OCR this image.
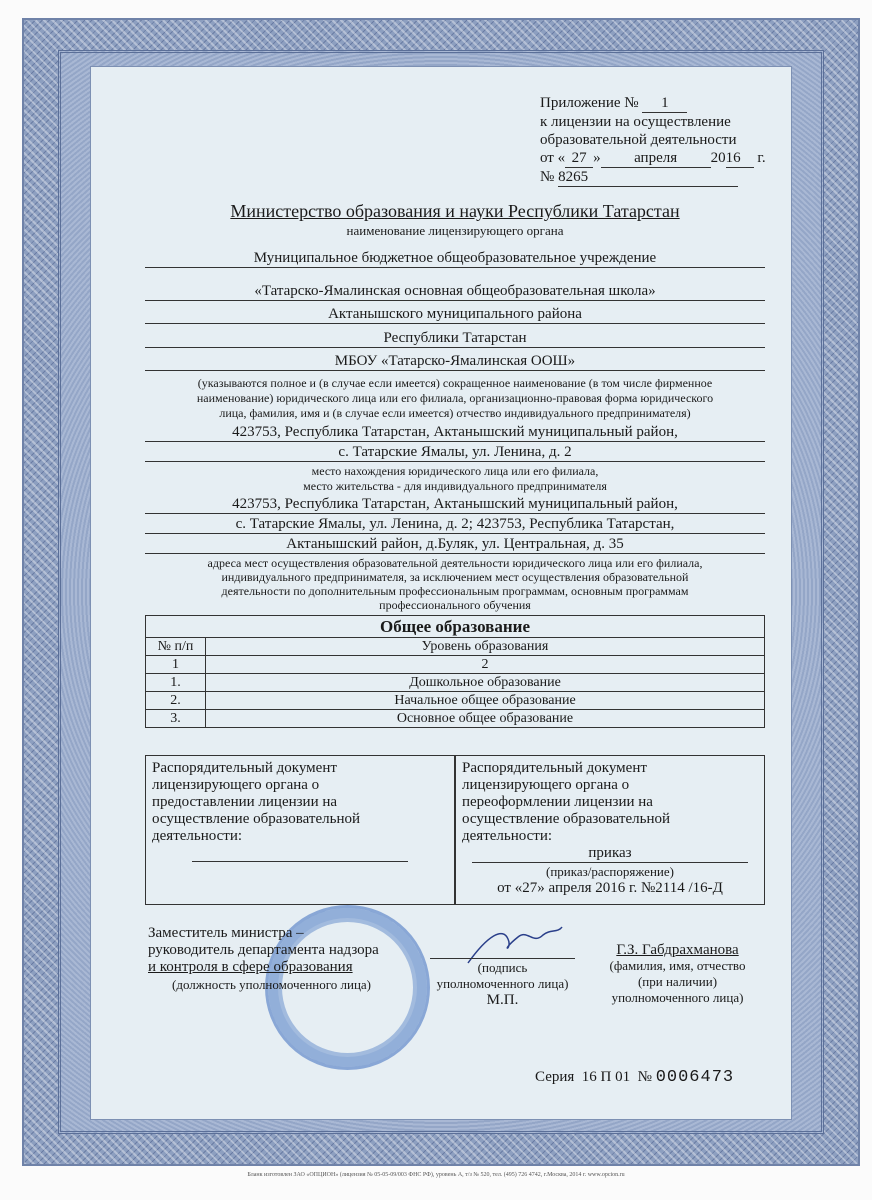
Приложение № 1
к лицензии на осуществление
образовательной деятельности
от « 27 » апреля 2016 г.
№ 8265
Министерство образования и науки Республики Татарстан
наименование лицензирующего органа
Муниципальное бюджетное общеобразовательное учреждение
«Татарско-Ямалинская основная общеобразовательная школа»
Актанышского муниципального района
Республики Татарстан
МБОУ «Татарско-Ямалинская ООШ»
(указываются полное и (в случае если имеется) сокращенное наименование (в том числе фирменное
наименование) юридического лица или его филиала, организационно-правовая форма юридического
лица, фамилия, имя и (в случае если имеется) отчество индивидуального предпринимателя)
423753, Республика Татарстан, Актанышский муниципальный район,
с. Татарские Ямалы, ул. Ленина, д. 2
место нахождения юридического лица или его филиала,
место жительства - для индивидуального предпринимателя
423753, Республика Татарстан, Актанышский муниципальный район,
с. Татарские Ямалы, ул. Ленина, д. 2; 423753, Республика Татарстан,
Актанышский район, д.Буляк, ул. Центральная, д. 35
адреса мест осуществления образовательной деятельности юридического лица или его филиала,
индивидуального предпринимателя, за исключением мест осуществления образовательной
деятельности по дополнительным профессиональным программам, основным программам
профессионального обучения
Общее образование	
№ п/п	Уровень образования
1	2
1.	Дошкольное образование
2.	Начальное общее образование
3.	Основное общее образование
Распорядительный документ
лицензирующего органа о
предоставлении лицензии на
осуществление образовательной
деятельности:
Распорядительный документ
лицензирующего органа о
переоформлении лицензии на
осуществление образовательной
деятельности:
приказ
(приказ/распоряжение)
от «27» апреля 2016 г. №2114 /16-Д
Заместитель министра –
руководитель департамента надзора
и контроля в сфере образования
(должность уполномоченного лица)
(подпись
уполномоченного лица)
М.П.
Г.З. Габдрахманова
(фамилия, имя, отчество
(при наличии)
уполномоченного лица)
Серия 16 П 01 № 0006473
Бланк изготовлен ЗАО «ОПЦИОН» (лицензия № 05-05-09/003 ФНС РФ), уровень А, т/з № 520, тел. (495) 726 4742, г.Москва, 2014 г. www.opcion.ru
